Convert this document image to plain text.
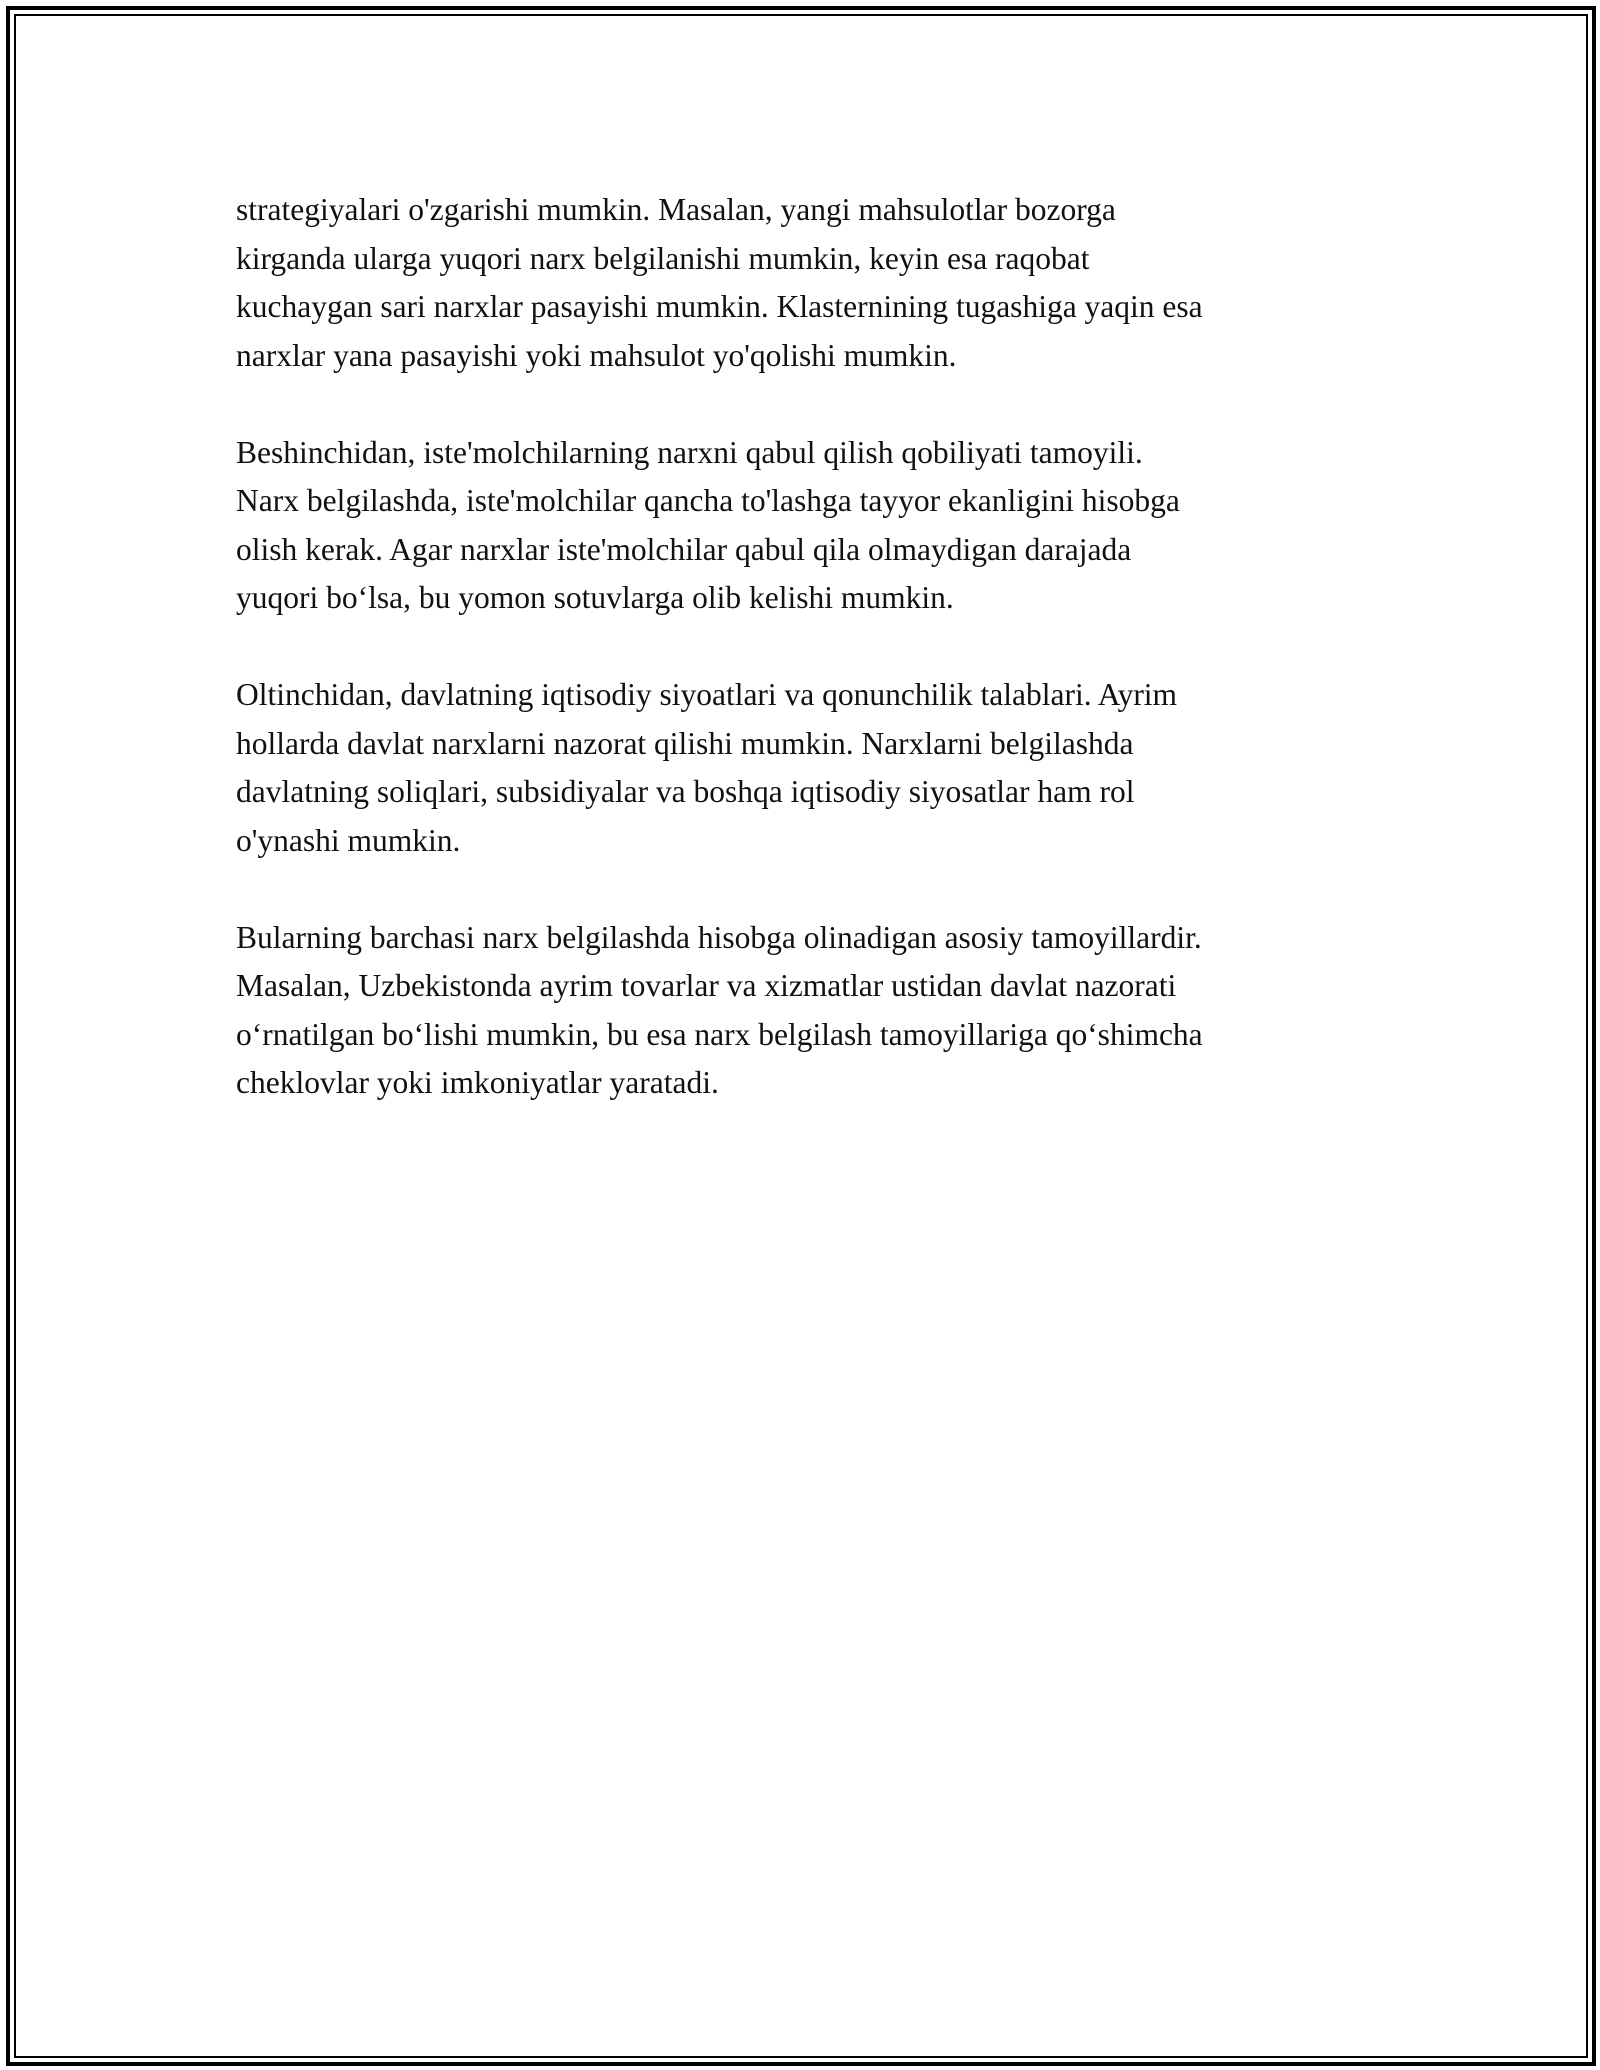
strategiyalari o'zgarishi mumkin. Masalan, yangi mahsulotlar bozorga
kirganda ularga yuqori narx belgilanishi mumkin, keyin esa raqobat
kuchaygan sari narxlar pasayishi mumkin. Klasternining tugashiga yaqin esa
narxlar yana pasayishi yoki mahsulot yo'qolishi mumkin.

Beshinchidan, iste'molchilarning narxni qabul qilish qobiliyati tamoyili.
Narx belgilashda, iste'molchilar qancha to'lashga tayyor ekanligini hisobga
olish kerak. Agar narxlar iste'molchilar qabul qila olmaydigan darajada
yuqori bo‘lsa, bu yomon sotuvlarga olib kelishi mumkin.

Oltinchidan, davlatning iqtisodiy siyoatlari va qonunchilik talablari. Ayrim
hollarda davlat narxlarni nazorat qilishi mumkin. Narxlarni belgilashda
davlatning soliqlari, subsidiyalar va boshqa iqtisodiy siyosatlar ham rol
o'ynashi mumkin.

Bularning barchasi narx belgilashda hisobga olinadigan asosiy tamoyillardir.
Masalan, Uzbekistonda ayrim tovarlar va xizmatlar ustidan davlat nazorati
o‘rnatilgan bo‘lishi mumkin, bu esa narx belgilash tamoyillariga qo‘shimcha
cheklovlar yoki imkoniyatlar yaratadi.
